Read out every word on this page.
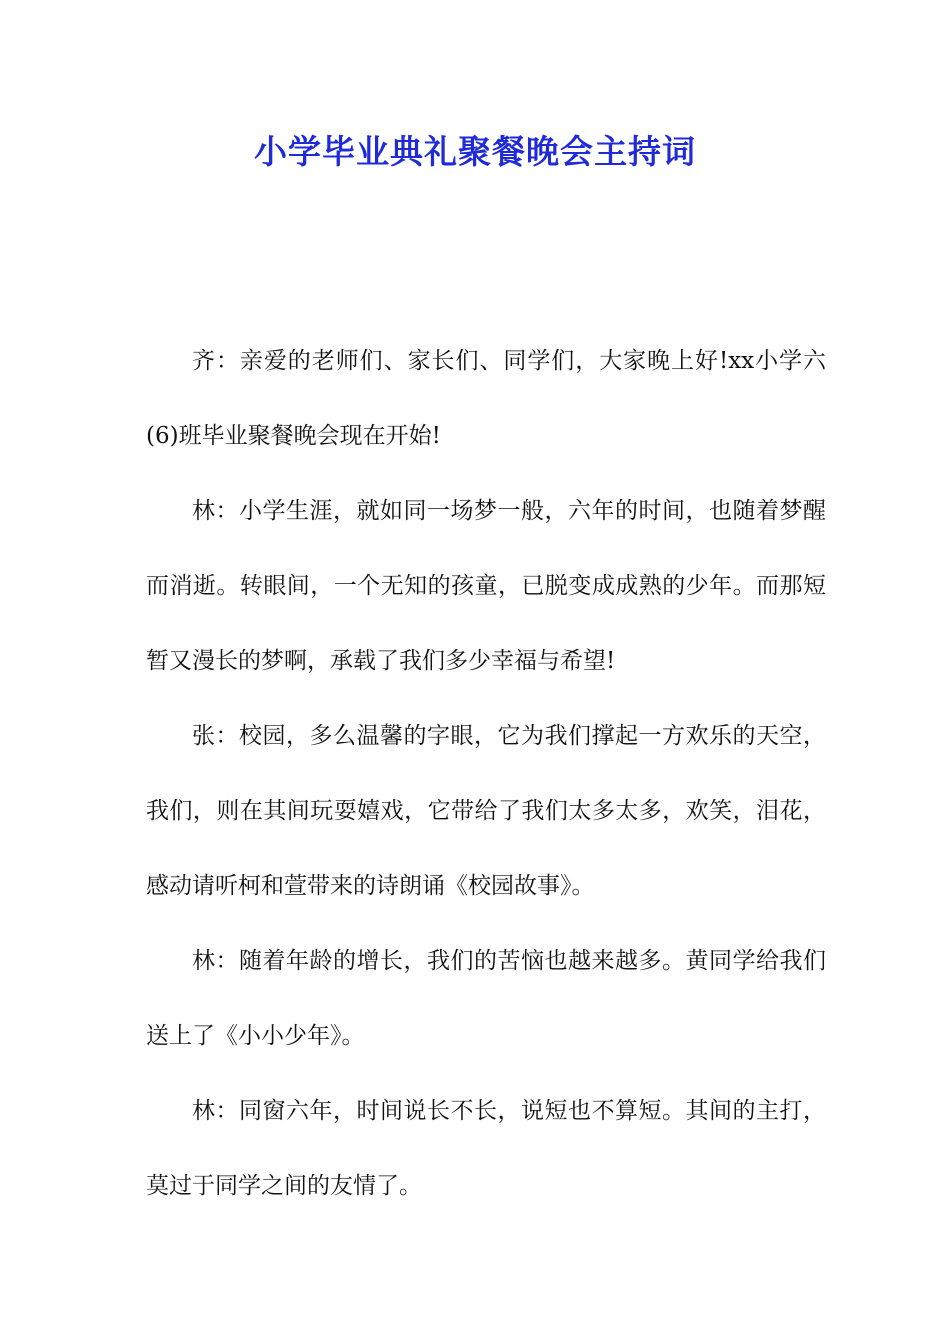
小学毕业典礼聚餐晚会主持词

齐：亲爱的老师们、家长们、同学们，大家晚上好!xx小学六(6)班毕业聚餐晚会现在开始!

林：小学生涯，就如同一场梦一般，六年的时间，也随着梦醒而消逝。转眼间，一个无知的孩童，已脱变成成熟的少年。而那短暂又漫长的梦啊，承载了我们多少幸福与希望!

张：校园，多么温馨的字眼，它为我们撑起一方欢乐的天空，我们，则在其间玩耍嬉戏，它带给了我们太多太多，欢笑，泪花，感动请听柯和萱带来的诗朗诵《校园故事》。

林：随着年龄的增长，我们的苦恼也越来越多。黄同学给我们送上了《小小少年》。

林：同窗六年，时间说长不长，说短也不算短。其间的主打，莫过于同学之间的友情了。
